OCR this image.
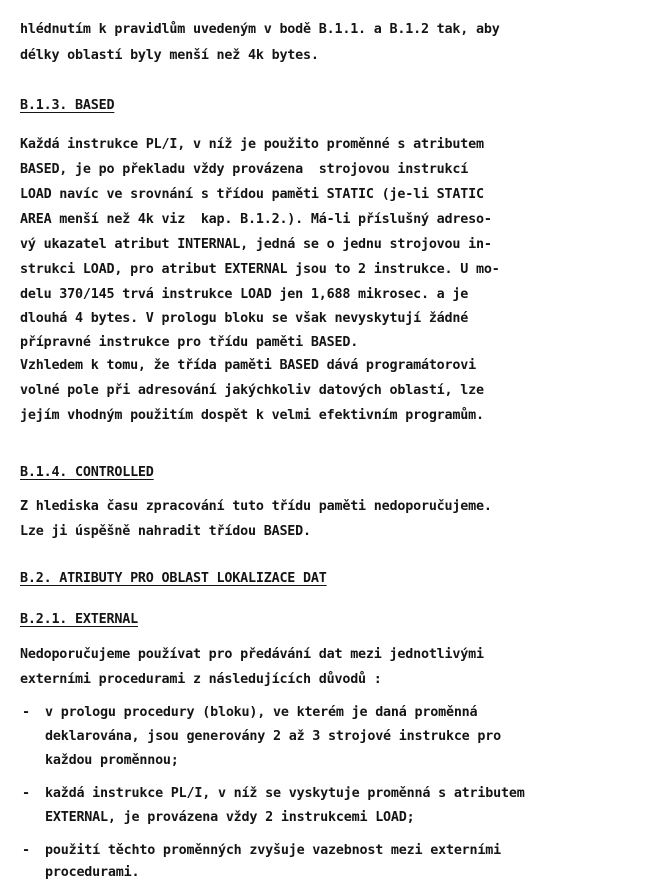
hlédnutím k pravidlům uvedeným v bodě B.1.1. a B.1.2 tak, aby
délky oblastí byly menší než 4k bytes.
B.1.3. BASED
Každá instrukce PL/I, v níž je použito proměnné s atributem
BASED, je po překladu vždy provázena  strojovou instrukcí
LOAD navíc ve srovnání s třídou paměti STATIC (je-li STATIC
AREA menší než 4k viz  kap. B.1.2.). Má-li příslušný adreso-
vý ukazatel atribut INTERNAL, jedná se o jednu strojovou in-
strukci LOAD, pro atribut EXTERNAL jsou to 2 instrukce. U mo-
delu 370/145 trvá instrukce LOAD jen 1,688 mikrosec. a je
dlouhá 4 bytes. V prologu bloku se však nevyskytují žádné
přípravné instrukce pro třídu paměti BASED.
Vzhledem k tomu, že třída paměti BASED dává programátorovi
volné pole při adresování jakýchkoliv datových oblastí, lze
jejím vhodným použitím dospět k velmi efektivním programům.
B.1.4. CONTROLLED
Z hlediska času zpracování tuto třídu paměti nedoporučujeme.
Lze ji úspěšně nahradit třídou BASED.
B.2. ATRIBUTY PRO OBLAST LOKALIZACE DAT
B.2.1. EXTERNAL
Nedoporučujeme používat pro předávání dat mezi jednotlivými
externími procedurami z následujících důvodů :
- v prologu procedury (bloku), ve kterém je daná proměnná
deklarována, jsou generovány 2 až 3 strojové instrukce pro
každou proměnnou;
- každá instrukce PL/I, v níž se vyskytuje proměnná s atributem
EXTERNAL, je provázena vždy 2 instrukcemi LOAD;
- použití těchto proměnných zvyšuje vazebnost mezi externími
procedurami.
